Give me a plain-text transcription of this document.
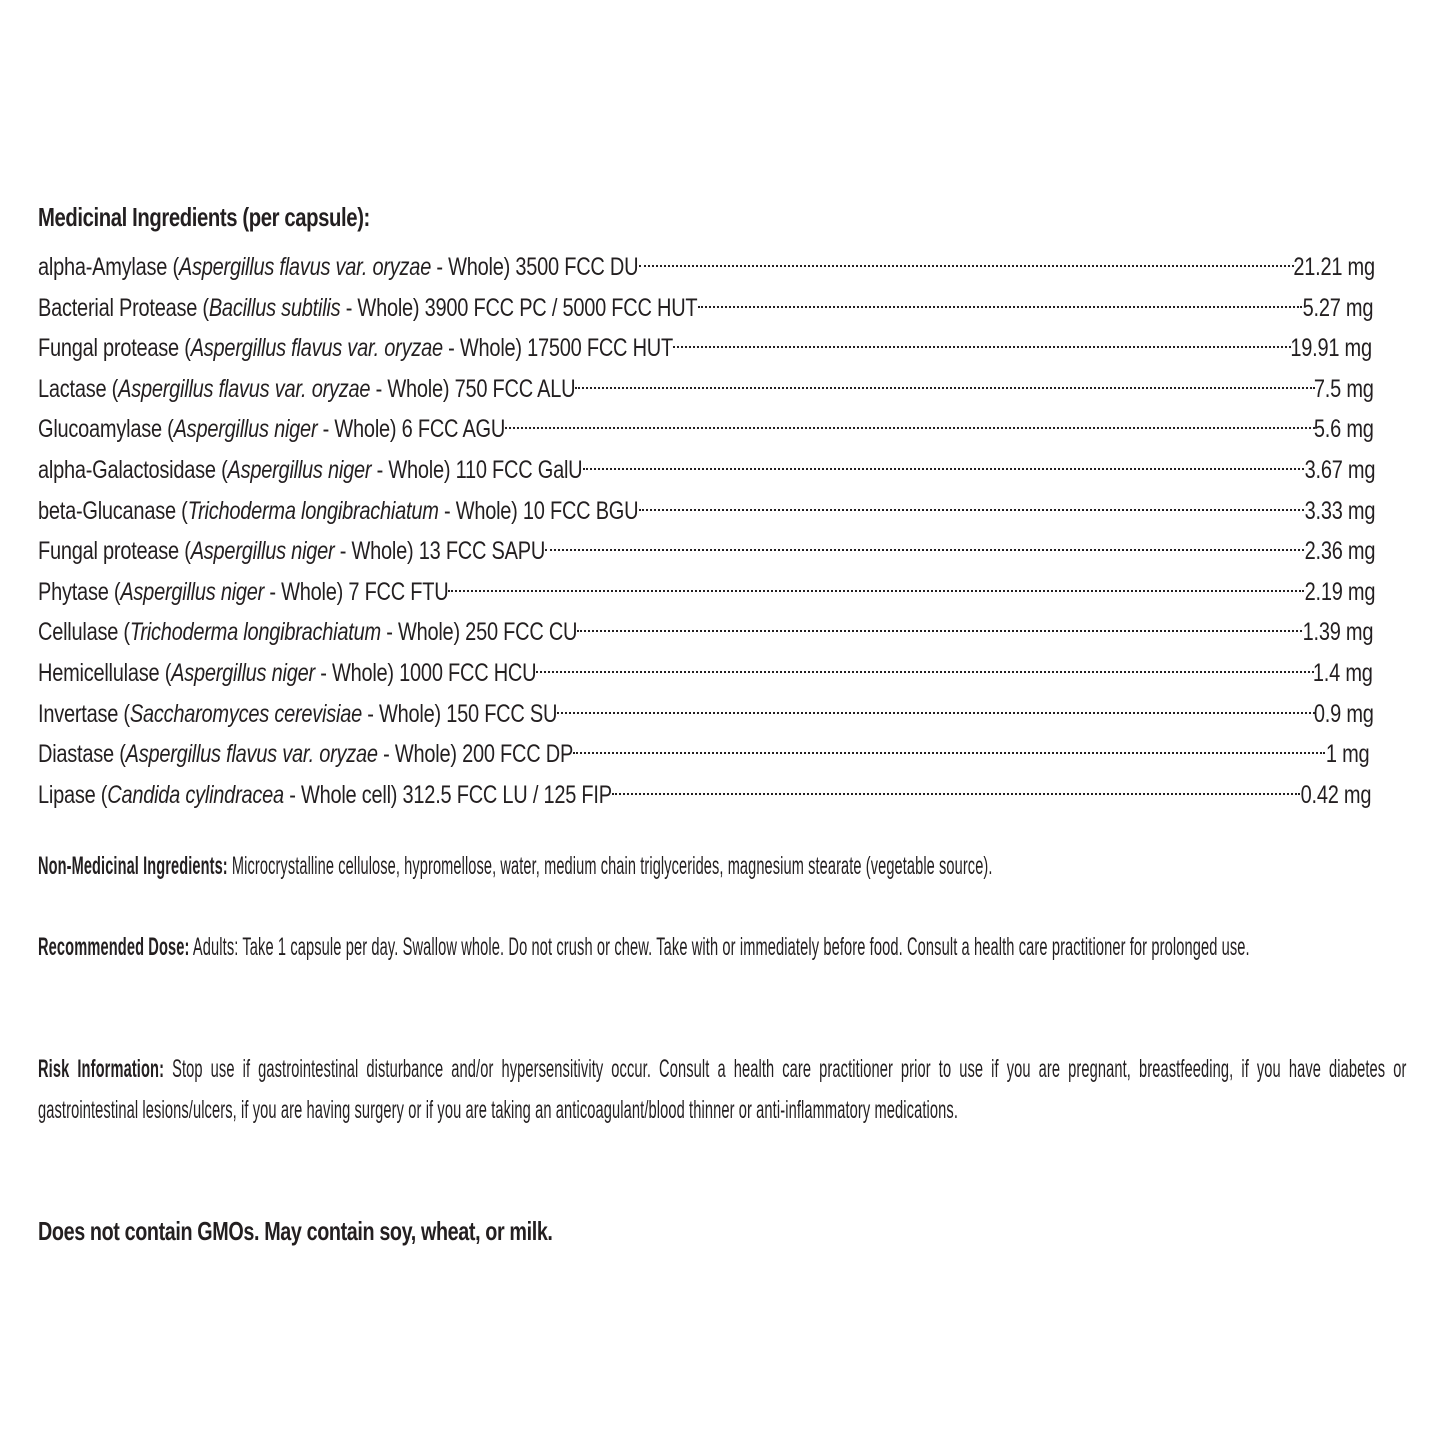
Medicinal Ingredients (per capsule):
alpha-Amylase (Aspergillus flavus var. oryzae - Whole) 3500 FCC DU	21.21 mg
Bacterial Protease (Bacillus subtilis - Whole) 3900 FCC PC / 5000 FCC HUT	5.27 mg
Fungal protease (Aspergillus flavus var. oryzae - Whole) 17500 FCC HUT	19.91 mg
Lactase (Aspergillus flavus var. oryzae - Whole) 750 FCC ALU	7.5 mg
Glucoamylase (Aspergillus niger - Whole) 6 FCC AGU	5.6 mg
alpha-Galactosidase (Aspergillus niger - Whole) 110 FCC GalU	3.67 mg
beta-Glucanase (Trichoderma longibrachiatum - Whole) 10 FCC BGU	3.33 mg
Fungal protease (Aspergillus niger - Whole) 13 FCC SAPU	2.36 mg
Phytase (Aspergillus niger - Whole) 7 FCC FTU	2.19 mg
Cellulase (Trichoderma longibrachiatum - Whole) 250 FCC CU	1.39 mg
Hemicellulase (Aspergillus niger - Whole) 1000 FCC HCU	1.4 mg
Invertase (Saccharomyces cerevisiae - Whole) 150 FCC SU	0.9 mg
Diastase (Aspergillus flavus var. oryzae - Whole) 200 FCC DP	1 mg
Lipase (Candida cylindracea - Whole cell) 312.5 FCC LU / 125 FIP	0.42 mg
Non-Medicinal Ingredients: Microcrystalline cellulose, hypromellose, water, medium chain triglycerides, magnesium stearate (vegetable source).
Recommended Dose: Adults: Take 1 capsule per day. Swallow whole. Do not crush or chew. Take with or immediately before food. Consult a health care practitioner for prolonged use.
Risk Information: Stop use if gastrointestinal disturbance and/or hypersensitivity occur. Consult a health care practitioner prior to use if you are pregnant, breastfeeding, if you have diabetes or gastrointestinal lesions/ulcers, if you are having surgery or if you are taking an anticoagulant/blood thinner or anti-inflammatory medications.
Does not contain GMOs. May contain soy, wheat, or milk.
